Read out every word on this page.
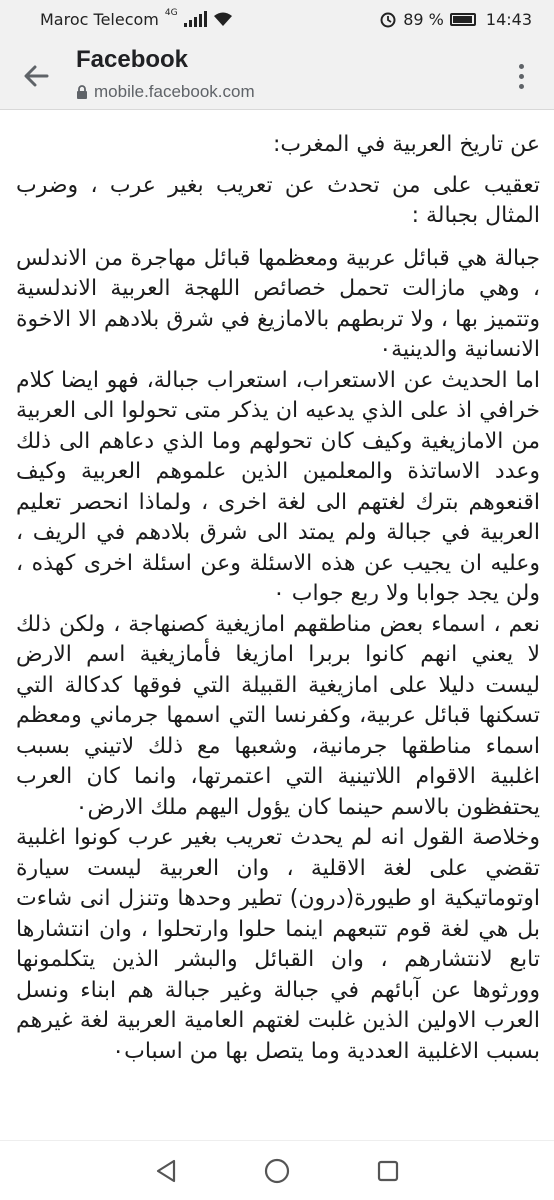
Maroc Telecom 4G	89 %	14:43
Facebook
mobile.facebook.com

عن تاريخ العربية في المغرب:

تعقيب على من تحدث عن تعريب بغير عرب ، وضرب المثال بجبالة :

جبالة هي قبائل عربية ومعظمها قبائل مهاجرة من الاندلس ، وهي مازالت تحمل خصائص اللهجة العربية الاندلسية وتتميز بها ، ولا تربطهم بالامازيغ في شرق بلادهم الا الاخوة الانسانية والدينية۰

اما الحديث عن الاستعراب، استعراب جبالة، فهو ايضا كلام خرافي اذ على الذي يدعيه ان يذكر متى تحولوا الى العربية من الامازيغية وكيف كان تحولهم وما الذي دعاهم الى ذلك وعدد الاساتذة والمعلمين الذين علموهم العربية وكيف اقنعوهم بترك لغتهم الى لغة اخرى ، ولماذا انحصر تعليم العربية في جبالة ولم يمتد الى شرق بلادهم في الريف ، وعليه ان يجيب عن هذه الاسئلة وعن اسئلة اخرى كهذه ، ولن يجد جوابا ولا ربع جواب ۰

نعم ، اسماء بعض مناطقهم امازيغية كصنهاجة ، ولكن ذلك لا يعني انهم كانوا بربرا امازيغا فأمازيغية اسم الارض ليست دليلا على امازيغية القبيلة التي فوقها كدكالة التي تسكنها قبائل عربية، وكفرنسا التي اسمها جرماني ومعظم اسماء مناطقها جرمانية، وشعبها مع ذلك لاتيني بسبب اغلبية الاقوام اللاتينية التي اعتمرتها، وانما كان العرب يحتفظون بالاسم حينما كان يؤول اليهم ملك الارض۰

وخلاصة القول انه لم يحدث تعريب بغير عرب كونوا اغلبية تقضي على لغة الاقلية ، وان العربية ليست سيارة اوتوماتيكية او طيورة(درون) تطير وحدها وتنزل انى شاءت بل هي لغة قوم تتبعهم اينما حلوا وارتحلوا ، وان انتشارها تابع لانتشارهم ، وان القبائل والبشر الذين يتكلمونها وورثوها عن آبائهم في جبالة وغير جبالة هم ابناء ونسل العرب الاولين الذين غلبت لغتهم العامية العربية لغة غيرهم بسبب الاغلبية العددية وما يتصل بها من اسباب۰
